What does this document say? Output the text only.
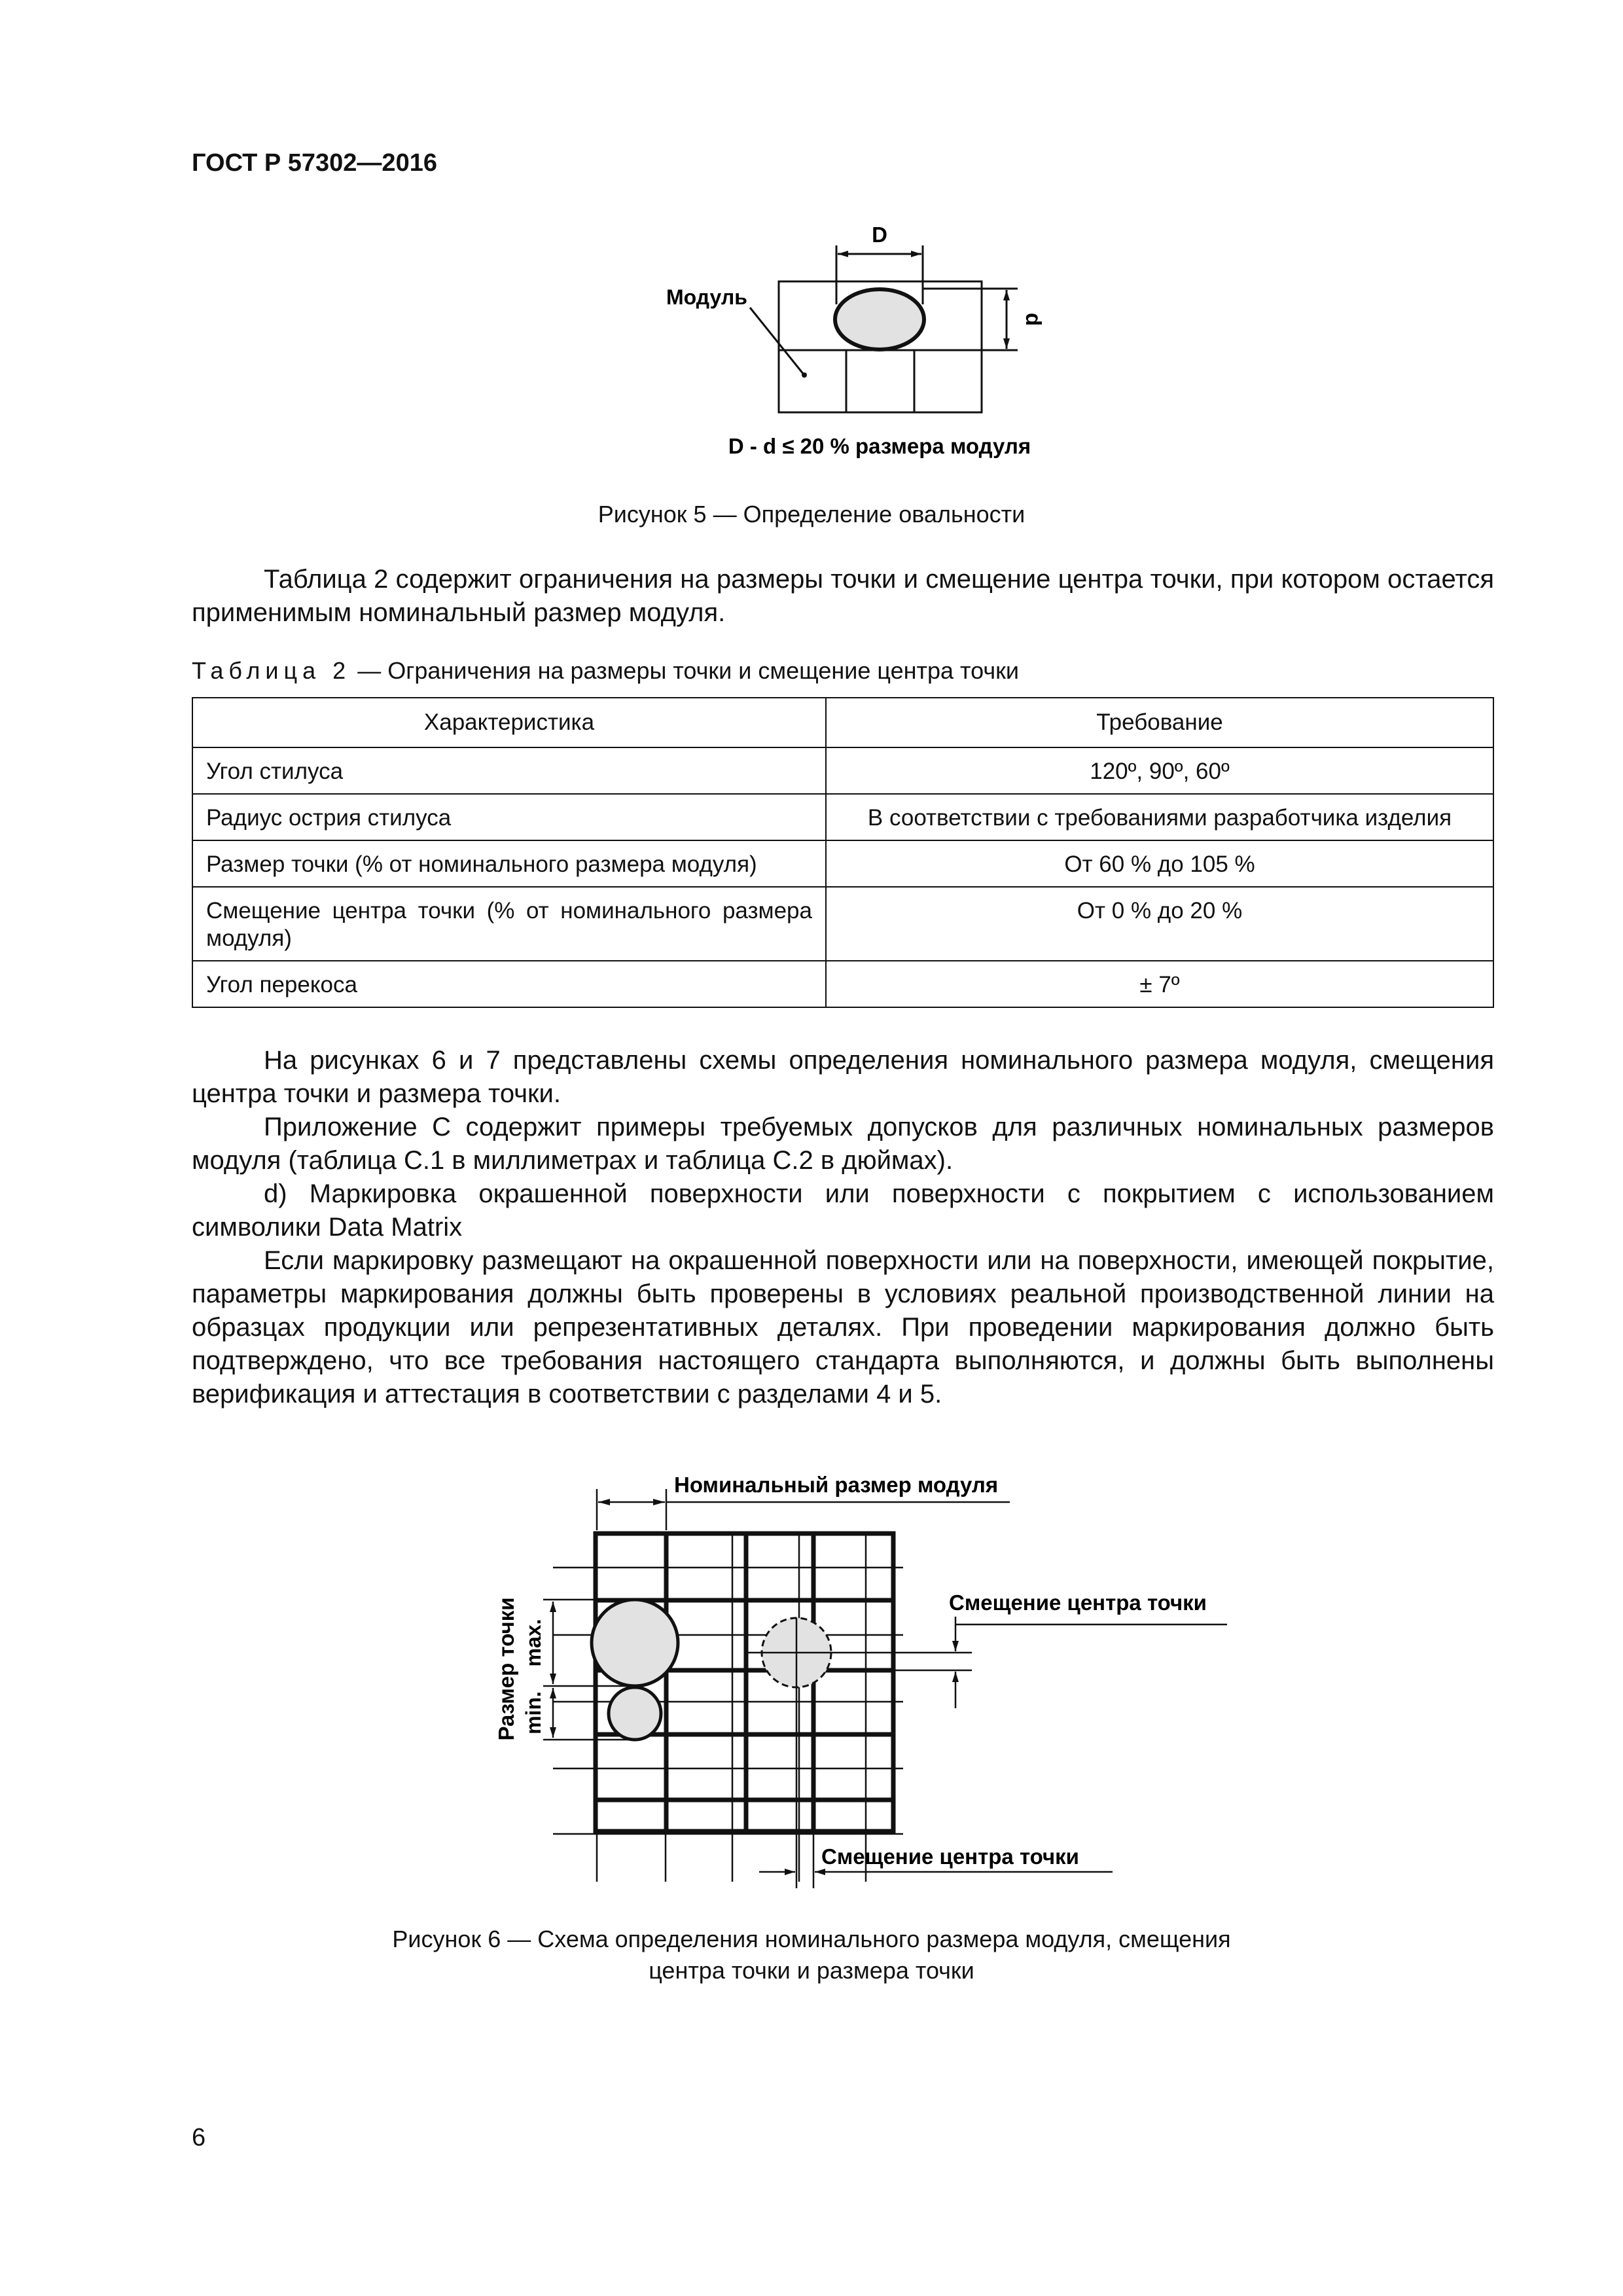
ГОСТ Р 57302—2016
D
d
Модуль
D - d ≤ 20 % размера модуля
Рисунок 5 — Определение овальности
Таблица 2 содержит ограничения на размеры точки и смещение центра точки, при котором остается применимым номинальный размер модуля.
Таблица 2 — Ограничения на размеры точки и смещение центра точки
Характеристика	Требование
Угол стилуса	120º, 90º, 60º
Радиус острия стилуса	В соответствии с требованиями разработчика изделия
Размер точки (% от номинального размера модуля)	От 60 % до 105 %
Смещение центра точки (% от номинального размера модуля)	От 0 % до 20 %
Угол перекоса	± 7º
На рисунках 6 и 7 представлены схемы определения номинального размера модуля, смещения центра точки и размера точки.
Приложение С содержит примеры требуемых допусков для различных номинальных размеров модуля (таблица С.1 в миллиметрах и таблица С.2 в дюймах).
d) Маркировка окрашенной поверхности или поверхности с покрытием с использованием символики Data Matrix
Если маркировку размещают на окрашенной поверхности или на поверхности, имеющей покрытие, параметры маркирования должны быть проверены в условиях реальной производственной линии на образцах продукции или репрезентативных деталях. При проведении маркирования должно быть подтверждено, что все требования настоящего стандарта выполняются, и должны быть выполнены верификация и аттестация в соответствии с разделами 4 и 5.
Номинальный размер модуля
Смещение центра точки
Смещение центра точки
Размер точки max.
min.
Рисунок 6 — Схема определения номинального размера модуля, смещения
центра точки и размера точки
6
